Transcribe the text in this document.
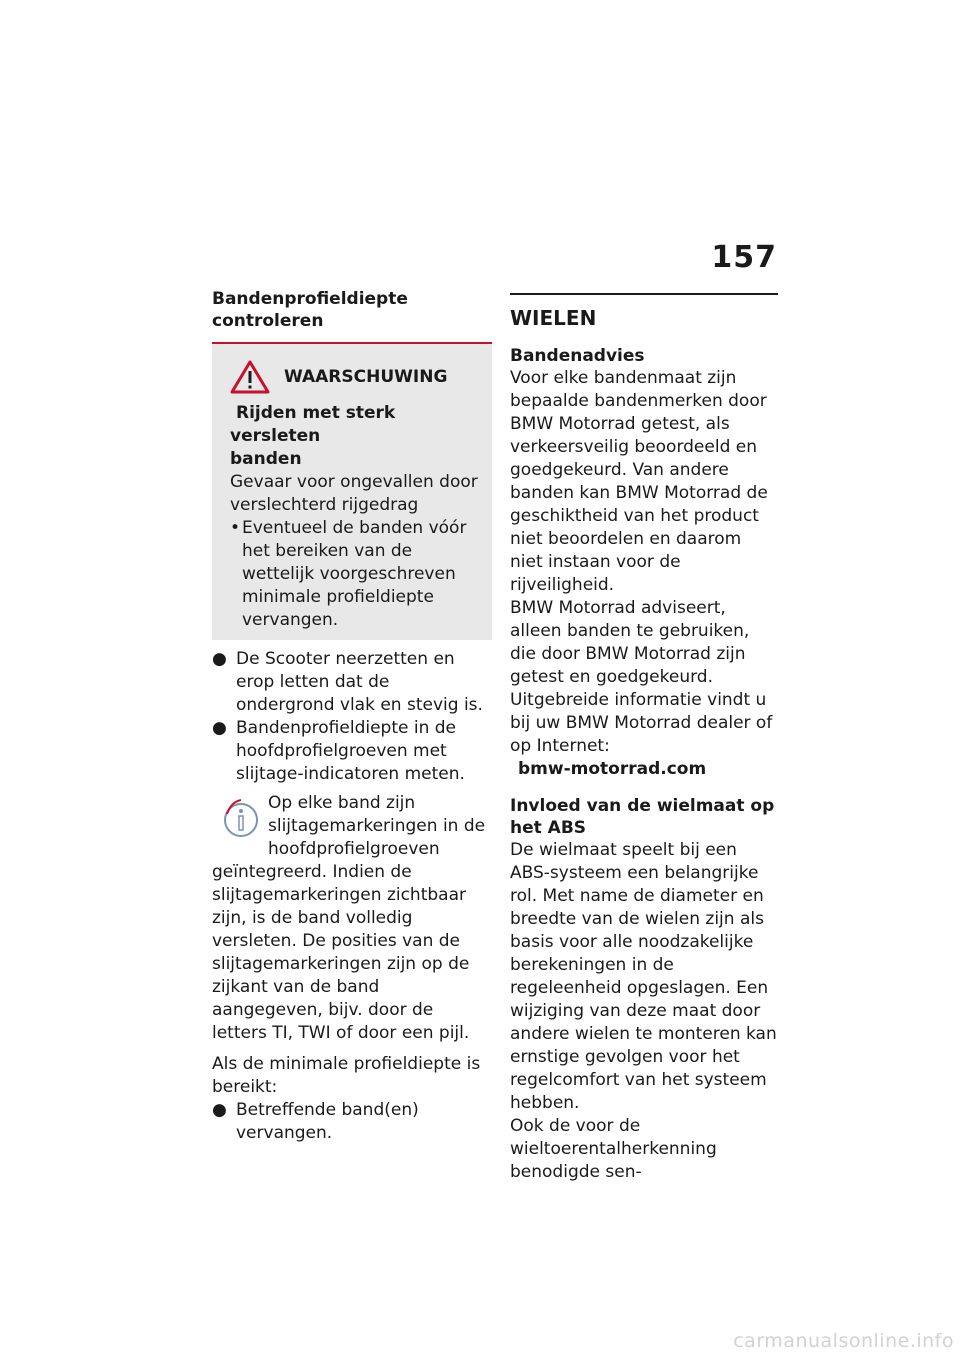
157

Bandenprofieldiepte
controleren

WAARSCHUWING

Rijden met sterk versleten
banden

Gevaar voor ongevallen door verslechterd rijgedrag

• Eventueel de banden vóór het bereiken van de wettelijk voorgeschreven minimale profieldiepte vervangen.
● De Scooter neerzetten en erop letten dat de ondergrond vlak en stevig is.
● Bandenprofieldiepte in de hoofdprofielgroeven met slijtage-indicatoren meten.

Op elke band zijn slijtagemarkeringen in de hoofdprofielgroeven geïntegreerd. Indien de slijtagemarkeringen zichtbaar zijn, is de band volledig versleten. De posities van de slijtagemarkeringen zijn op de zijkant van de band aangegeven, bijv. door de letters TI, TWI of door een pijl.

Als de minimale profieldiepte is bereikt:

● Betreffende band(en) vervangen.

WIELEN

Bandenadvies

Voor elke bandenmaat zijn bepaalde bandenmerken door BMW Motorrad getest, als verkeersveilig beoordeeld en goedgekeurd. Van andere banden kan BMW Motorrad de geschiktheid van het product niet beoordelen en daarom niet instaan voor de rijveiligheid.

BMW Motorrad adviseert, alleen banden te gebruiken, die door BMW Motorrad zijn getest en goedgekeurd.

Uitgebreide informatie vindt u bij uw BMW Motorrad dealer of op Internet:

bmw-motorrad.com

Invloed van de wielmaat op het ABS

De wielmaat speelt bij een ABS-systeem een belangrijke rol. Met name de diameter en breedte van de wielen zijn als basis voor alle noodzakelijke berekeningen in de regeleenheid opgeslagen. Een wijziging van deze maat door andere wielen te monteren kan ernstige gevolgen voor het regelcomfort van het systeem hebben.

Ook de voor de wieltoerentalherkenning benodigde sen-

carmanualsonline.info
